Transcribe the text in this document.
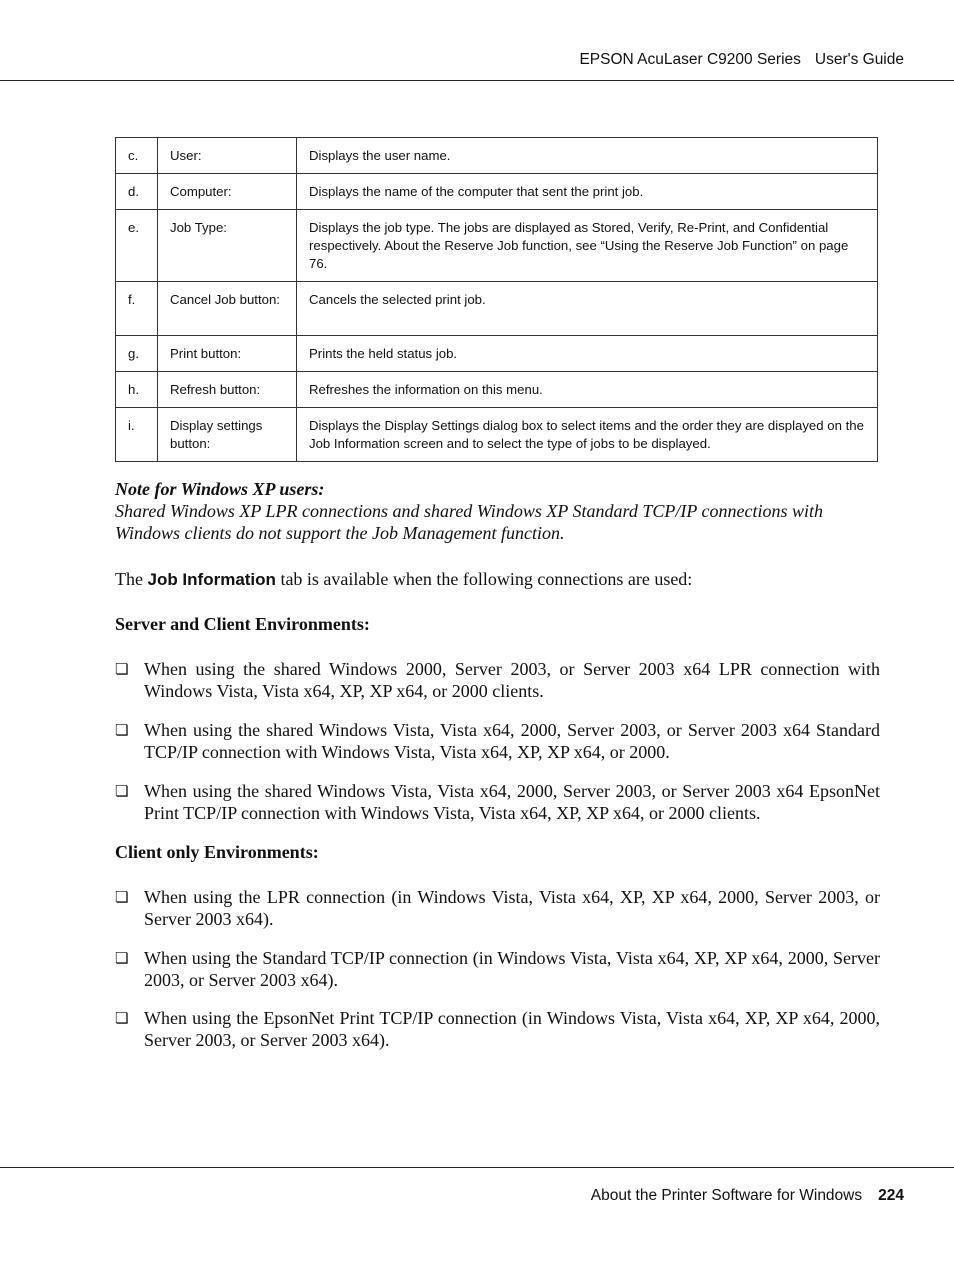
EPSON AcuLaser C9200 Series User's Guide
c.	User:	Displays the user name.
d.	Computer:	Displays the name of the computer that sent the print job.
e.	Job Type:	Displays the job type. The jobs are displayed as Stored, Verify, Re-Print, and Confidential respectively. About the Reserve Job function, see “Using the Reserve Job Function” on page 76.
f.	Cancel Job button:	Cancels the selected print job.
g.	Print button:	Prints the held status job.
h.	Refresh button:	Refreshes the information on this menu.
i.	Display settings button:	Displays the Display Settings dialog box to select items and the order they are displayed on the Job Information screen and to select the type of jobs to be displayed.
Note for Windows XP users:
Shared Windows XP LPR connections and shared Windows XP Standard TCP/IP connections with Windows clients do not support the Job Management function.
The Job Information tab is available when the following connections are used:
Server and Client Environments:
❏ When using the shared Windows 2000, Server 2003, or Server 2003 x64 LPR connection with Windows Vista, Vista x64, XP, XP x64, or 2000 clients.
❏ When using the shared Windows Vista, Vista x64, 2000, Server 2003, or Server 2003 x64 Standard TCP/IP connection with Windows Vista, Vista x64, XP, XP x64, or 2000.
❏ When using the shared Windows Vista, Vista x64, 2000, Server 2003, or Server 2003 x64 EpsonNet Print TCP/IP connection with Windows Vista, Vista x64, XP, XP x64, or 2000 clients.
Client only Environments:
❏ When using the LPR connection (in Windows Vista, Vista x64, XP, XP x64, 2000, Server 2003, or Server 2003 x64).
❏ When using the Standard TCP/IP connection (in Windows Vista, Vista x64, XP, XP x64, 2000, Server 2003, or Server 2003 x64).
❏ When using the EpsonNet Print TCP/IP connection (in Windows Vista, Vista x64, XP, XP x64, 2000, Server 2003, or Server 2003 x64).
About the Printer Software for Windows 224
